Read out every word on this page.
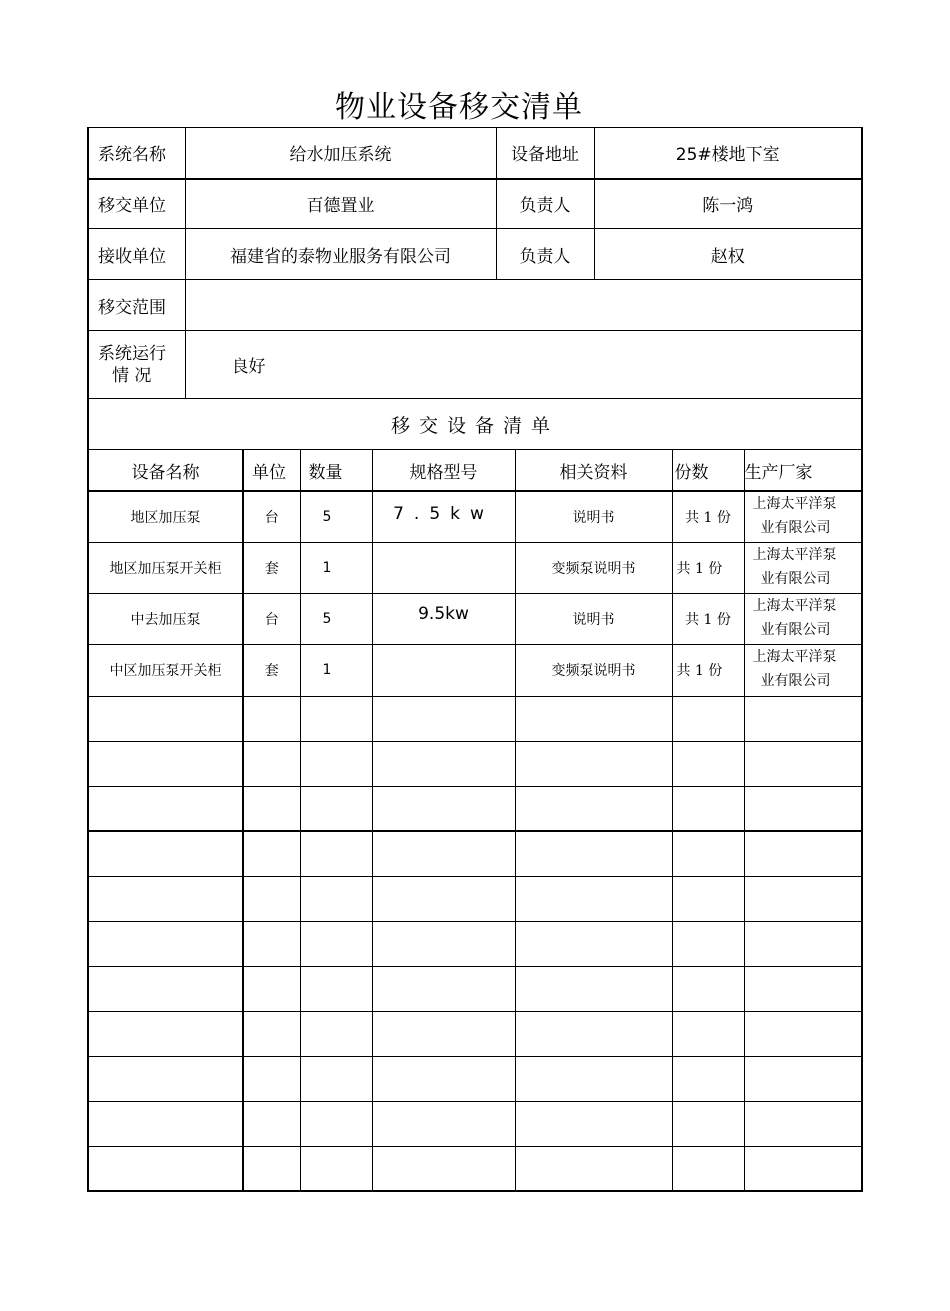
物业设备移交清单
系统名称	给水加压系统	设备地址	25#楼地下室
移交单位	百德置业	负责人	陈一鸿
接收单位	福建省的泰物业服务有限公司	负责人	赵权
移交范围			

系统运行
情 况	良好		
移交设备清单			
设备名称	单位	数量	规格型号	相关资料	份数	生产厂家
地区加压泵	台	5	7.5kw	说明书	共 1 份	上海太平洋泵
业有限公司

地区加压泵开关柜	套	1		变频泵说明书	共 1 份	上海太平洋泵
业有限公司

中去加压泵	台	5	9.5kw	说明书	共 1 份	上海太平洋泵
业有限公司

中区加压泵开关柜	套	1		变频泵说明书	共 1 份	上海太平洋泵
业有限公司
